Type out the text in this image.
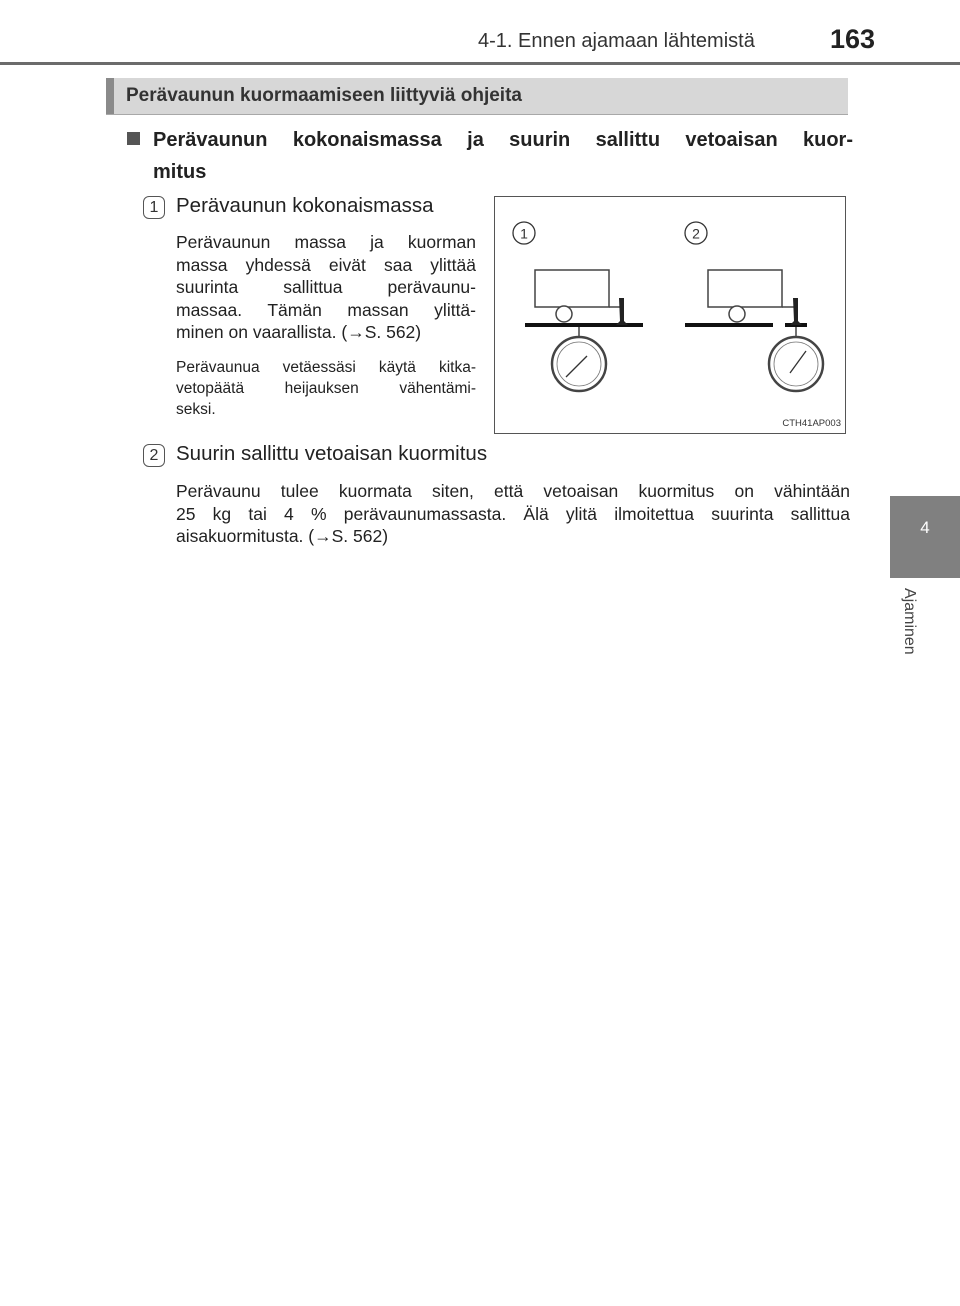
4-1. Ennen ajamaan lähtemistä	163
4
Ajaminen
Perävaunun kuormaamiseen liittyviä ohjeita
Perävaunun kokonaismassa ja suurin sallittu vetoaisan kuor-
mitus
1 Perävaunun kokonaismassa
Perävaunun massa ja kuorman
massa yhdessä eivät saa ylittää
suurinta sallittua perävaunu-
massaa. Tämän massan ylittä-
minen on vaarallista. (→S. 562)
Perävaunua vetäessäsi käytä kitka-
vetopäätä heijauksen vähentämi-
seksi.
1	2
CTH41AP003
2 Suurin sallittu vetoaisan kuormitus
Perävaunu tulee kuormata siten, että vetoaisan kuormitus on vähintään
25 kg tai 4 % perävaunumassasta. Älä ylitä ilmoitettua suurinta sallittua
aisakuormitusta. (→S. 562)
